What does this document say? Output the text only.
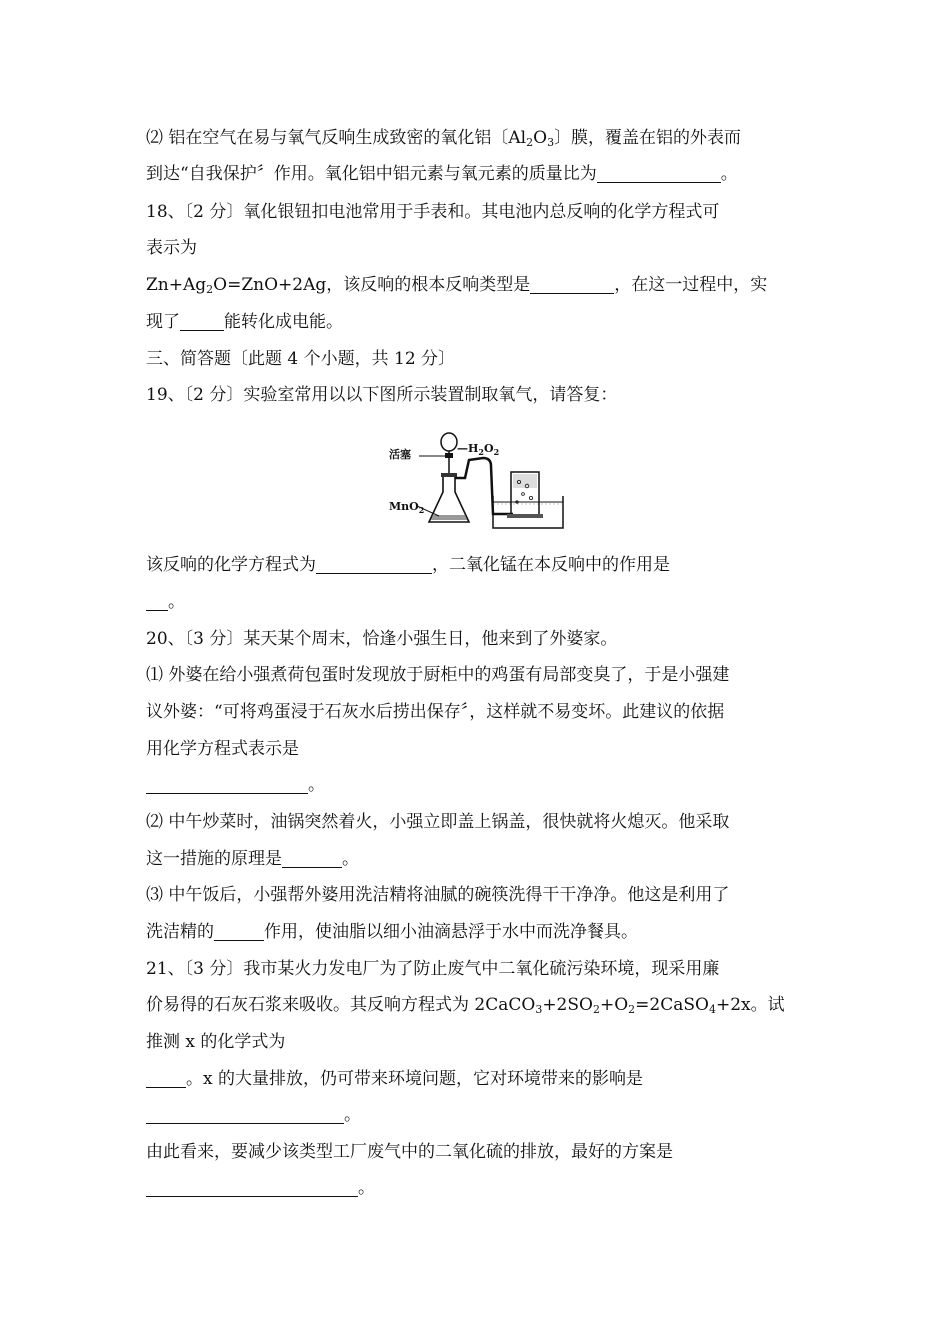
⑵ 铝在空气在易与氧气反响生成致密的氧化铝〔$Al_2O_3$〕膜，覆盖在铝的外表而
到达“自我保护〞作用。氧化铝中铝元素与氧元素的质量比为	。
18、〔2 分〕氧化银钮扣电池常用于手表和。其电池内总反响的化学方程式可
表示为
$Zn+Ag_2O=ZnO+2Ag$，该反响的根本反响类型是	，在这一过程中，实
现了	能转化成电能。
三、简答题〔此题 4 个小题，共 12 分〕
19、〔2 分〕实验室常用以以下图所示装置制取氧气，请答复：
活塞	$—H_2O_2$
MnO$_2$
该反响的化学方程式为	，二氧化锰在本反响中的作用是
。
20、〔3 分〕某天某个周末，恰逢小强生日，他来到了外婆家。
⑴ 外婆在给小强煮荷包蛋时发现放于厨柜中的鸡蛋有局部变臭了，于是小强建
议外婆：“可将鸡蛋浸于石灰水后捞出保存〞，这样就不易变坏。此建议的依据
用化学方程式表示是
。
⑵ 中午炒菜时，油锅突然着火，小强立即盖上锅盖，很快就将火熄灭。他采取
这一措施的原理是	。
⑶ 中午饭后，小强帮外婆用洗洁精将油腻的碗筷洗得干干净净。他这是利用了
洗洁精的	作用，使油脂以细小油滴悬浮于水中而洗净餐具。
21、〔3 分〕我市某火力发电厂为了防止废气中二氧化硫污染环境，现采用廉
价易得的石灰石浆来吸收。其反响方程式为 $2CaCO_3+2SO_2+O_2=2CaSO_4+2x$。试
推测 x 的化学式为
。x 的大量排放，仍可带来环境问题，它对环境带来的影响是
。
由此看来，要减少该类型工厂废气中的二氧化硫的排放，最好的方案是
。
